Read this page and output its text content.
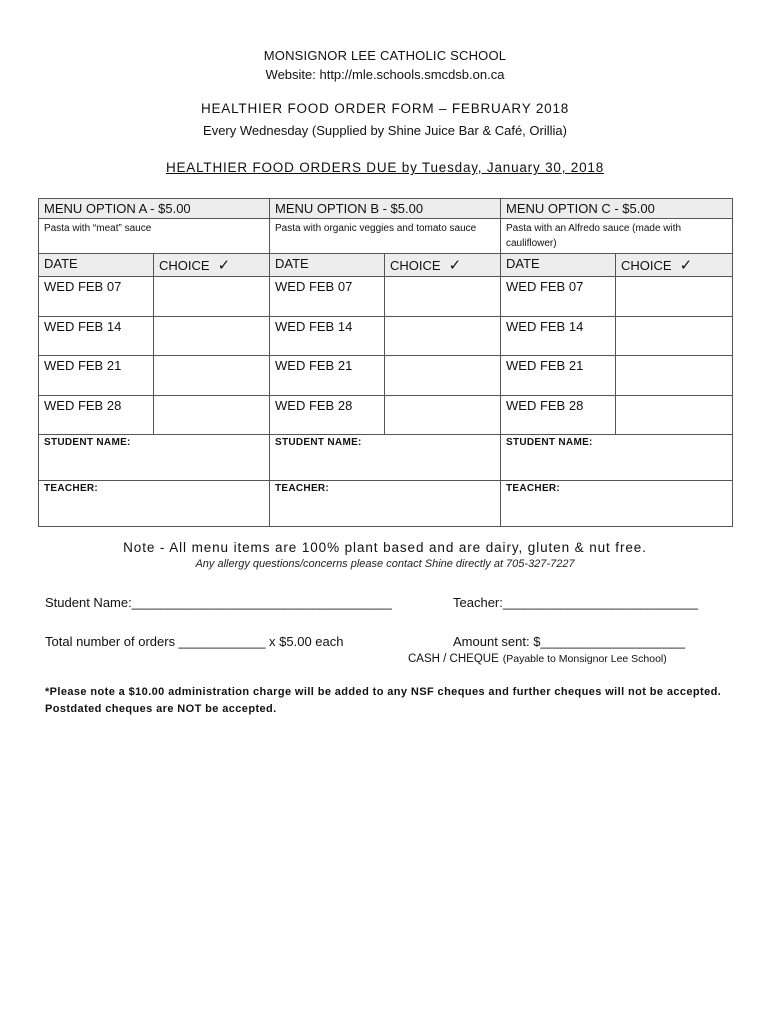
MONSIGNOR LEE CATHOLIC SCHOOL
Website: http://mle.schools.smcdsb.on.ca
HEALTHIER FOOD ORDER FORM – FEBRUARY 2018
Every Wednesday (Supplied by Shine Juice Bar & Café, Orillia)
HEALTHIER FOOD ORDERS DUE by Tuesday, January 30, 2018
MENU OPTION A - $5.00		MENU OPTION B - $5.00		MENU OPTION C - $5.00	
Pasta with “meat” sauce		Pasta with organic veggies and tomato sauce		Pasta with an Alfredo sauce (made with cauliflower)	
DATE	CHOICE ✓	DATE	CHOICE ✓	DATE	CHOICE ✓
WED FEB 07		WED FEB 07		WED FEB 07	
WED FEB 14		WED FEB 14		WED FEB 14	
WED FEB 21		WED FEB 21		WED FEB 21	
WED FEB 28		WED FEB 28		WED FEB 28	
STUDENT NAME:		STUDENT NAME:		STUDENT NAME:	
TEACHER:		TEACHER:		TEACHER:	
Note - All menu items are 100% plant based and are dairy, gluten & nut free.
Any allergy questions/concerns please contact Shine directly at 705-327-7227
Student Name:____________________________________	Teacher:___________________________
Total number of orders ____________ x $5.00 each	Amount sent: $____________________
CASH / CHEQUE (Payable to Monsignor Lee School)
*Please note a $10.00 administration charge will be added to any NSF cheques and further cheques will not be accepted. Postdated cheques are NOT be accepted.
